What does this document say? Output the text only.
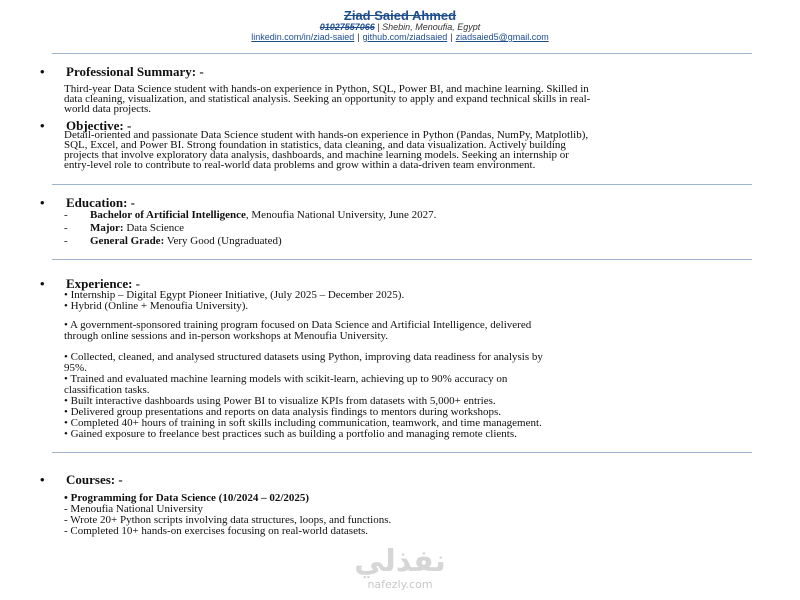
Ziad Saied Ahmed
01027557066 | Shebin, Menoufia, Egypt
linkedin.com/in/ziad-saied | github.com/ziadsaied | ziadsaied5@gmail.com
• Professional Summary: -
Third-year Data Science student with hands-on experience in Python, SQL, Power BI, and machine learning. Skilled in
data cleaning, visualization, and statistical analysis. Seeking an opportunity to apply and expand technical skills in real-
world data projects.
• Objective: -
Detail-oriented and passionate Data Science student with hands-on experience in Python (Pandas, NumPy, Matplotlib),
SQL, Excel, and Power BI. Strong foundation in statistics, data cleaning, and data visualization. Actively building
projects that involve exploratory data analysis, dashboards, and machine learning models. Seeking an internship or
entry-level role to contribute to real-world data problems and grow within a data-driven team environment.
• Education: -
- Bachelor of Artificial Intelligence, Menoufia National University, June 2027.
- Major: Data Science
- General Grade: Very Good (Ungraduated)
• Experience: -
• Internship – Digital Egypt Pioneer Initiative, (July 2025 – December 2025).
• Hybrid (Online + Menoufia University).
• A government-sponsored training program focused on Data Science and Artificial Intelligence, delivered
through online sessions and in-person workshops at Menoufia University.
• Collected, cleaned, and analysed structured datasets using Python, improving data readiness for analysis by
95%.
• Trained and evaluated machine learning models with scikit-learn, achieving up to 90% accuracy on
classification tasks.
• Built interactive dashboards using Power BI to visualize KPIs from datasets with 5,000+ entries.
• Delivered group presentations and reports on data analysis findings to mentors during workshops.
• Completed 40+ hours of training in soft skills including communication, teamwork, and time management.
• Gained exposure to freelance best practices such as building a portfolio and managing remote clients.
• Courses: -
• Programming for Data Science (10/2024 – 02/2025)
- Menoufia National University
- Wrote 20+ Python scripts involving data structures, loops, and functions.
- Completed 10+ hands-on exercises focusing on real-world datasets.
نفذلي
nafezly.com
